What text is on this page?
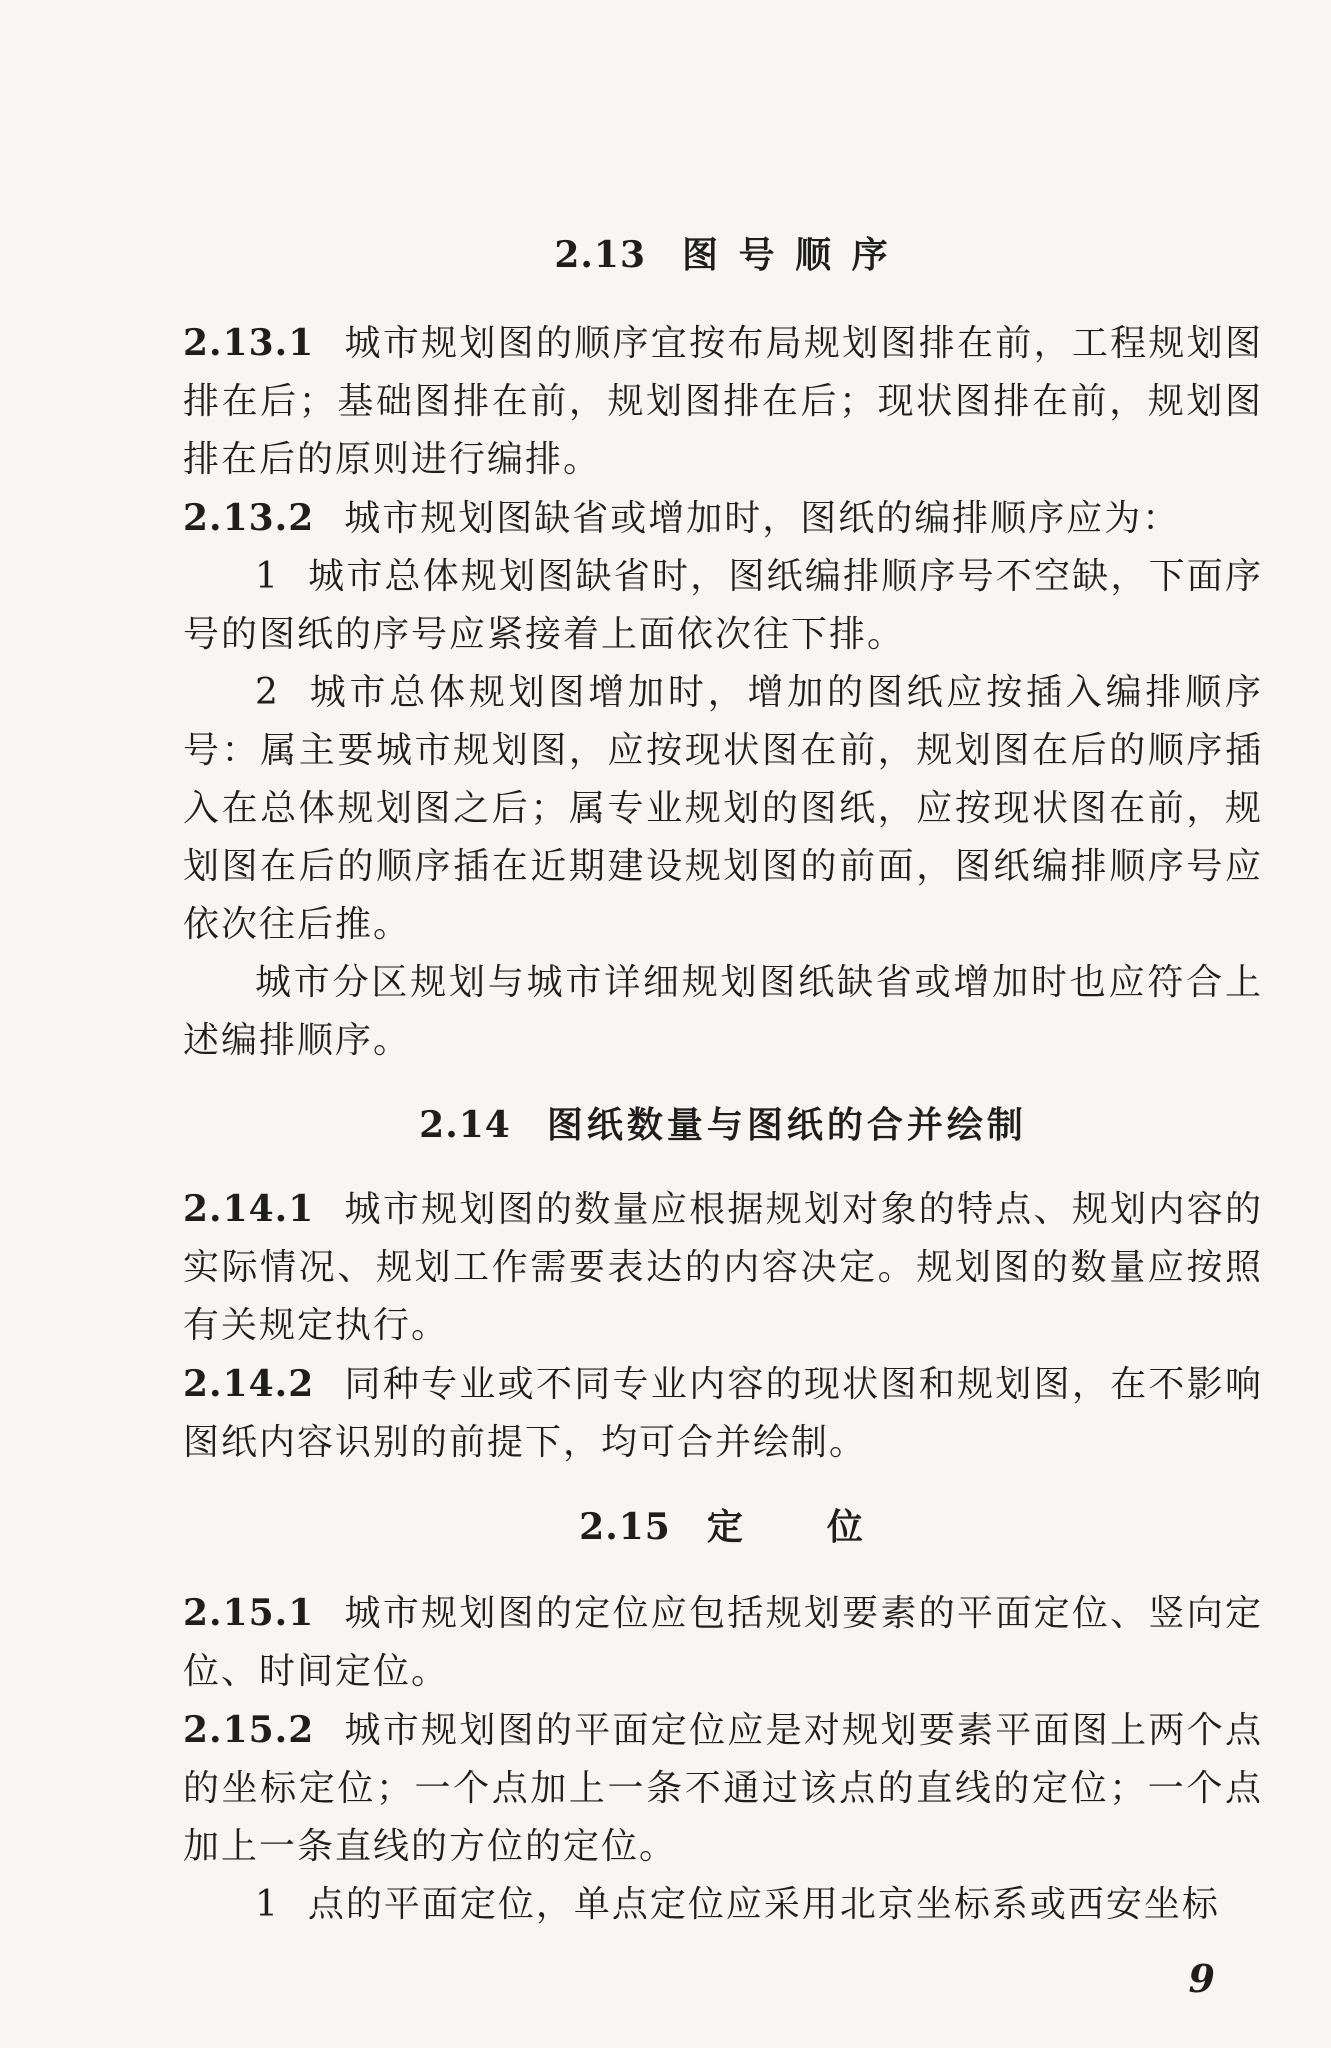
2.13 图 号 顺 序

2.13.1 城市规划图的顺序宜按布局规划图排在前，工程规划图排在后；基础图排在前，规划图排在后；现状图排在前，规划图排在后的原则进行编排。

2.13.2 城市规划图缺省或增加时，图纸的编排顺序应为：

1 城市总体规划图缺省时，图纸编排顺序号不空缺，下面序号的图纸的序号应紧接着上面依次往下排。

2 城市总体规划图增加时，增加的图纸应按插入编排顺序号：属主要城市规划图，应按现状图在前，规划图在后的顺序插入在总体规划图之后；属专业规划的图纸，应按现状图在前，规划图在后的顺序插在近期建设规划图的前面，图纸编排顺序号应依次往后推。

城市分区规划与城市详细规划图纸缺省或增加时也应符合上述编排顺序。

2.14 图纸数量与图纸的合并绘制

2.14.1 城市规划图的数量应根据规划对象的特点、规划内容的实际情况、规划工作需要表达的内容决定。规划图的数量应按照有关规定执行。

2.14.2 同种专业或不同专业内容的现状图和规划图，在不影响图纸内容识别的前提下，均可合并绘制。

2.15 定　　位

2.15.1 城市规划图的定位应包括规划要素的平面定位、竖向定位、时间定位。

2.15.2 城市规划图的平面定位应是对规划要素平面图上两个点的坐标定位；一个点加上一条不通过该点的直线的定位；一个点加上一条直线的方位的定位。

1 点的平面定位，单点定位应采用北京坐标系或西安坐标

9
